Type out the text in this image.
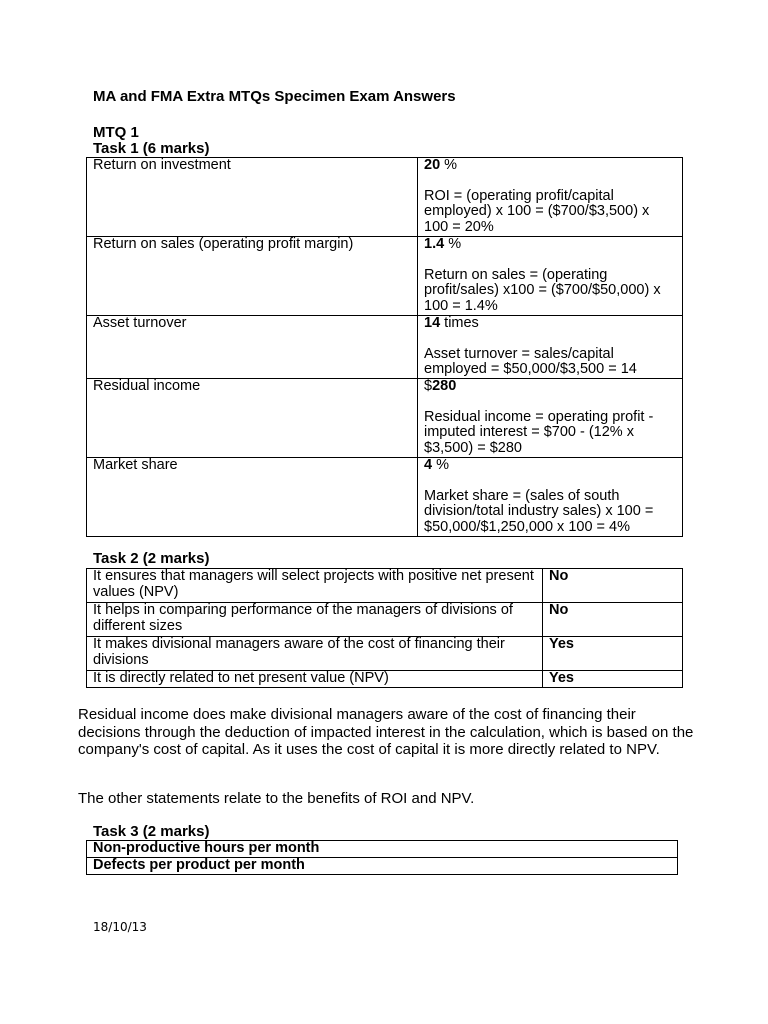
MA and FMA Extra MTQs Specimen Exam Answers
MTQ 1
Task 1 (6 marks)
Return on investment	20 %
ROI = (operating profit/capital employed) x 100 = ($700/$3,500) x 100 = 20%

Return on sales (operating profit margin)	1.4 %
Return on sales = (operating profit/sales) x100 = ($700/$50,000) x 100 = 1.4%

Asset turnover	14 times
Asset turnover = sales/capital employed = $50,000/$3,500 = 14

Residual income	$280
Residual income = operating profit - imputed interest = $700 - (12% x $3,500) = $280

Market share	4 %
Market share = (sales of south division/total industry sales) x 100 = $50,000/$1,250,000 x 100 = 4%
Task 2 (2 marks)
It ensures that managers will select projects with positive net present values (NPV)	No
It helps in comparing performance of the managers of divisions of different sizes	No
It makes divisional managers aware of the cost of financing their divisions	Yes
It is directly related to net present value (NPV)	Yes
Residual income does make divisional managers aware of the cost of financing their decisions through the deduction of impacted interest in the calculation, which is based on the company's cost of capital. As it uses the cost of capital it is more directly related to NPV.
The other statements relate to the benefits of ROI and NPV.
Task 3 (2 marks)
Non-productive hours per month
Defects per product per month
18/10/13
